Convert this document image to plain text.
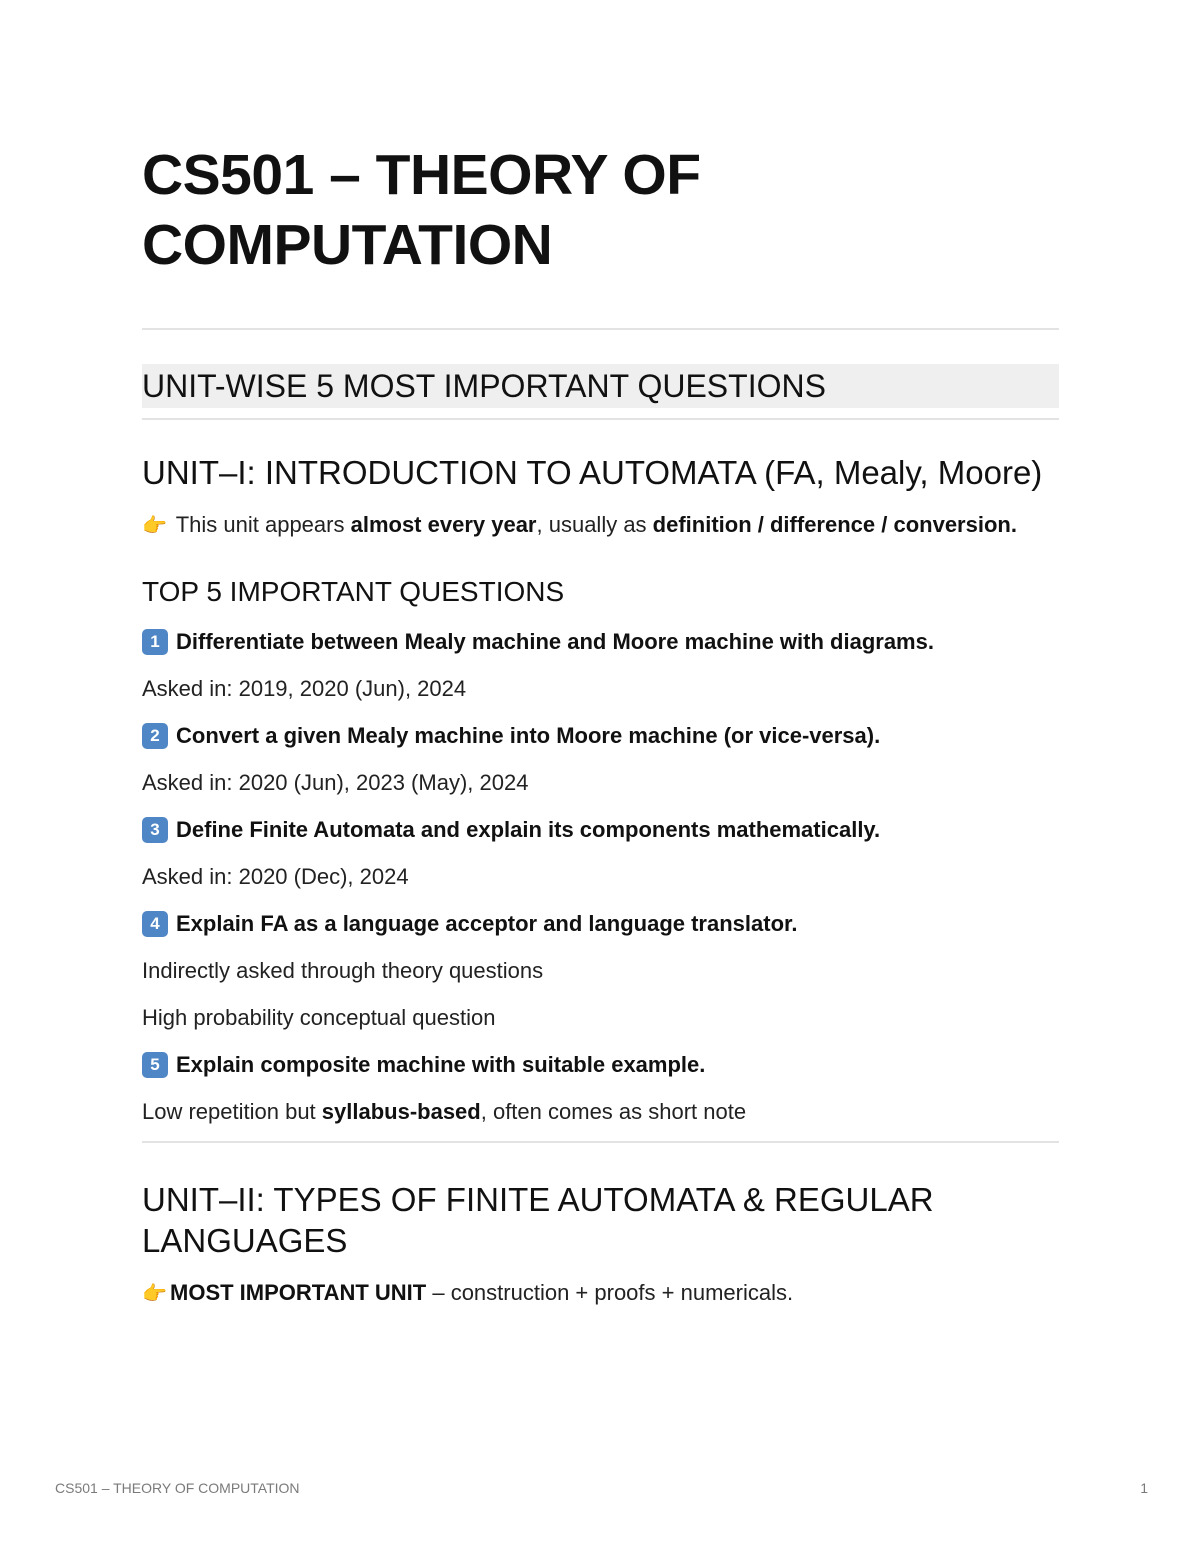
CS501 – THEORY OF COMPUTATION
UNIT-WISE 5 MOST IMPORTANT QUESTIONS
UNIT–I: INTRODUCTION TO AUTOMATA (FA, Mealy, Moore)

👉 This unit appears almost every year, usually as definition / difference / conversion.

TOP 5 IMPORTANT QUESTIONS

1 Differentiate between Mealy machine and Moore machine with diagrams.

Asked in: 2019, 2020 (Jun), 2024

2 Convert a given Mealy machine into Moore machine (or vice-versa).

Asked in: 2020 (Jun), 2023 (May), 2024

3 Define Finite Automata and explain its components mathematically.

Asked in: 2020 (Dec), 2024

4 Explain FA as a language acceptor and language translator.

Indirectly asked through theory questions

High probability conceptual question

5 Explain composite machine with suitable example.

Low repetition but syllabus-based, often comes as short note

UNIT–II: TYPES OF FINITE AUTOMATA & REGULAR LANGUAGES

👉 MOST IMPORTANT UNIT – construction + proofs + numericals.

CS501 – THEORY OF COMPUTATION	1
